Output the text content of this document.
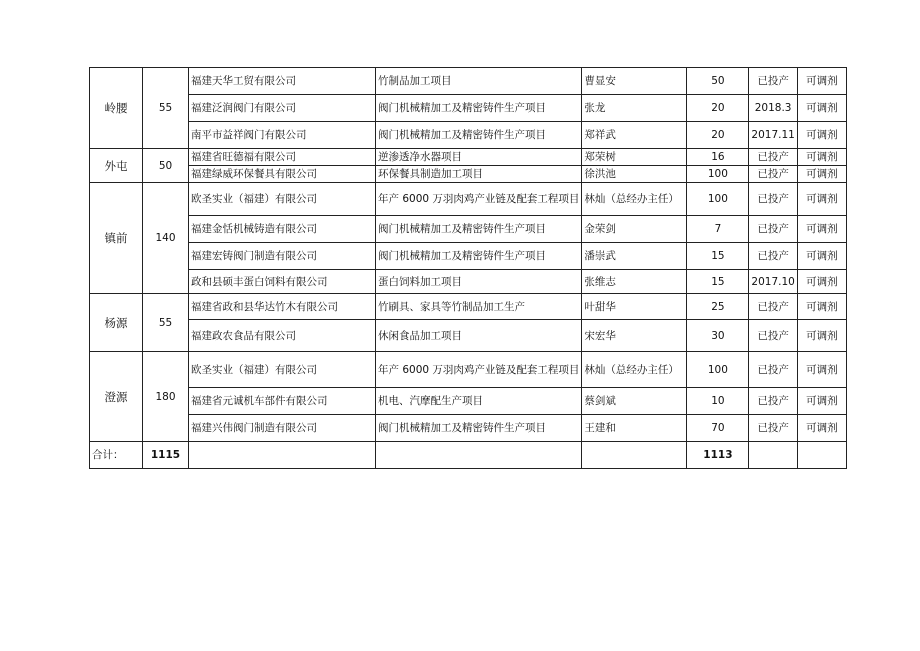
岭腰	55	福建天华工贸有限公司	竹制品加工项目	曹显安	50	已投产	可调剂
		福建泛润阀门有限公司	阀门机械精加工及精密铸件生产项目	张龙	20	2018.3	可调剂
		南平市益祥阀门有限公司	阀门机械精加工及精密铸件生产项目	郑祥武	20	2017.11	可调剂
外屯	50	福建省旺德福有限公司	逆渗透净水器项目	郑荣树	16	已投产	可调剂
		福建绿威环保餐具有限公司	环保餐具制造加工项目	徐洪池	100	已投产	可调剂
镇前	140	欧圣实业（福建）有限公司	年产 6000 万羽肉鸡产业链及配套工程项目	林灿（总经办主任）	100	已投产	可调剂
		福建金恬机械铸造有限公司	阀门机械精加工及精密铸件生产项目	金荣剑	7	已投产	可调剂
		福建宏铸阀门制造有限公司	阀门机械精加工及精密铸件生产项目	潘崇武	15	已投产	可调剂
		政和县硕丰蛋白饲料有限公司	蛋白饲料加工项目	张维志	15	2017.10	可调剂
杨源	55	福建省政和县华达竹木有限公司	竹刷具、家具等竹制品加工生产	叶甜华	25	已投产	可调剂
		福建政农食品有限公司	休闲食品加工项目	宋宏华	30	已投产	可调剂
澄源	180	欧圣实业（福建）有限公司	年产 6000 万羽肉鸡产业链及配套工程项目	林灿（总经办主任）	100	已投产	可调剂
		福建省元诚机车部件有限公司	机电、汽摩配生产项目	蔡剑斌	10	已投产	可调剂
		福建兴伟阀门制造有限公司	阀门机械精加工及精密铸件生产项目	王建和	70	已投产	可调剂
合计：	1115				1113		
